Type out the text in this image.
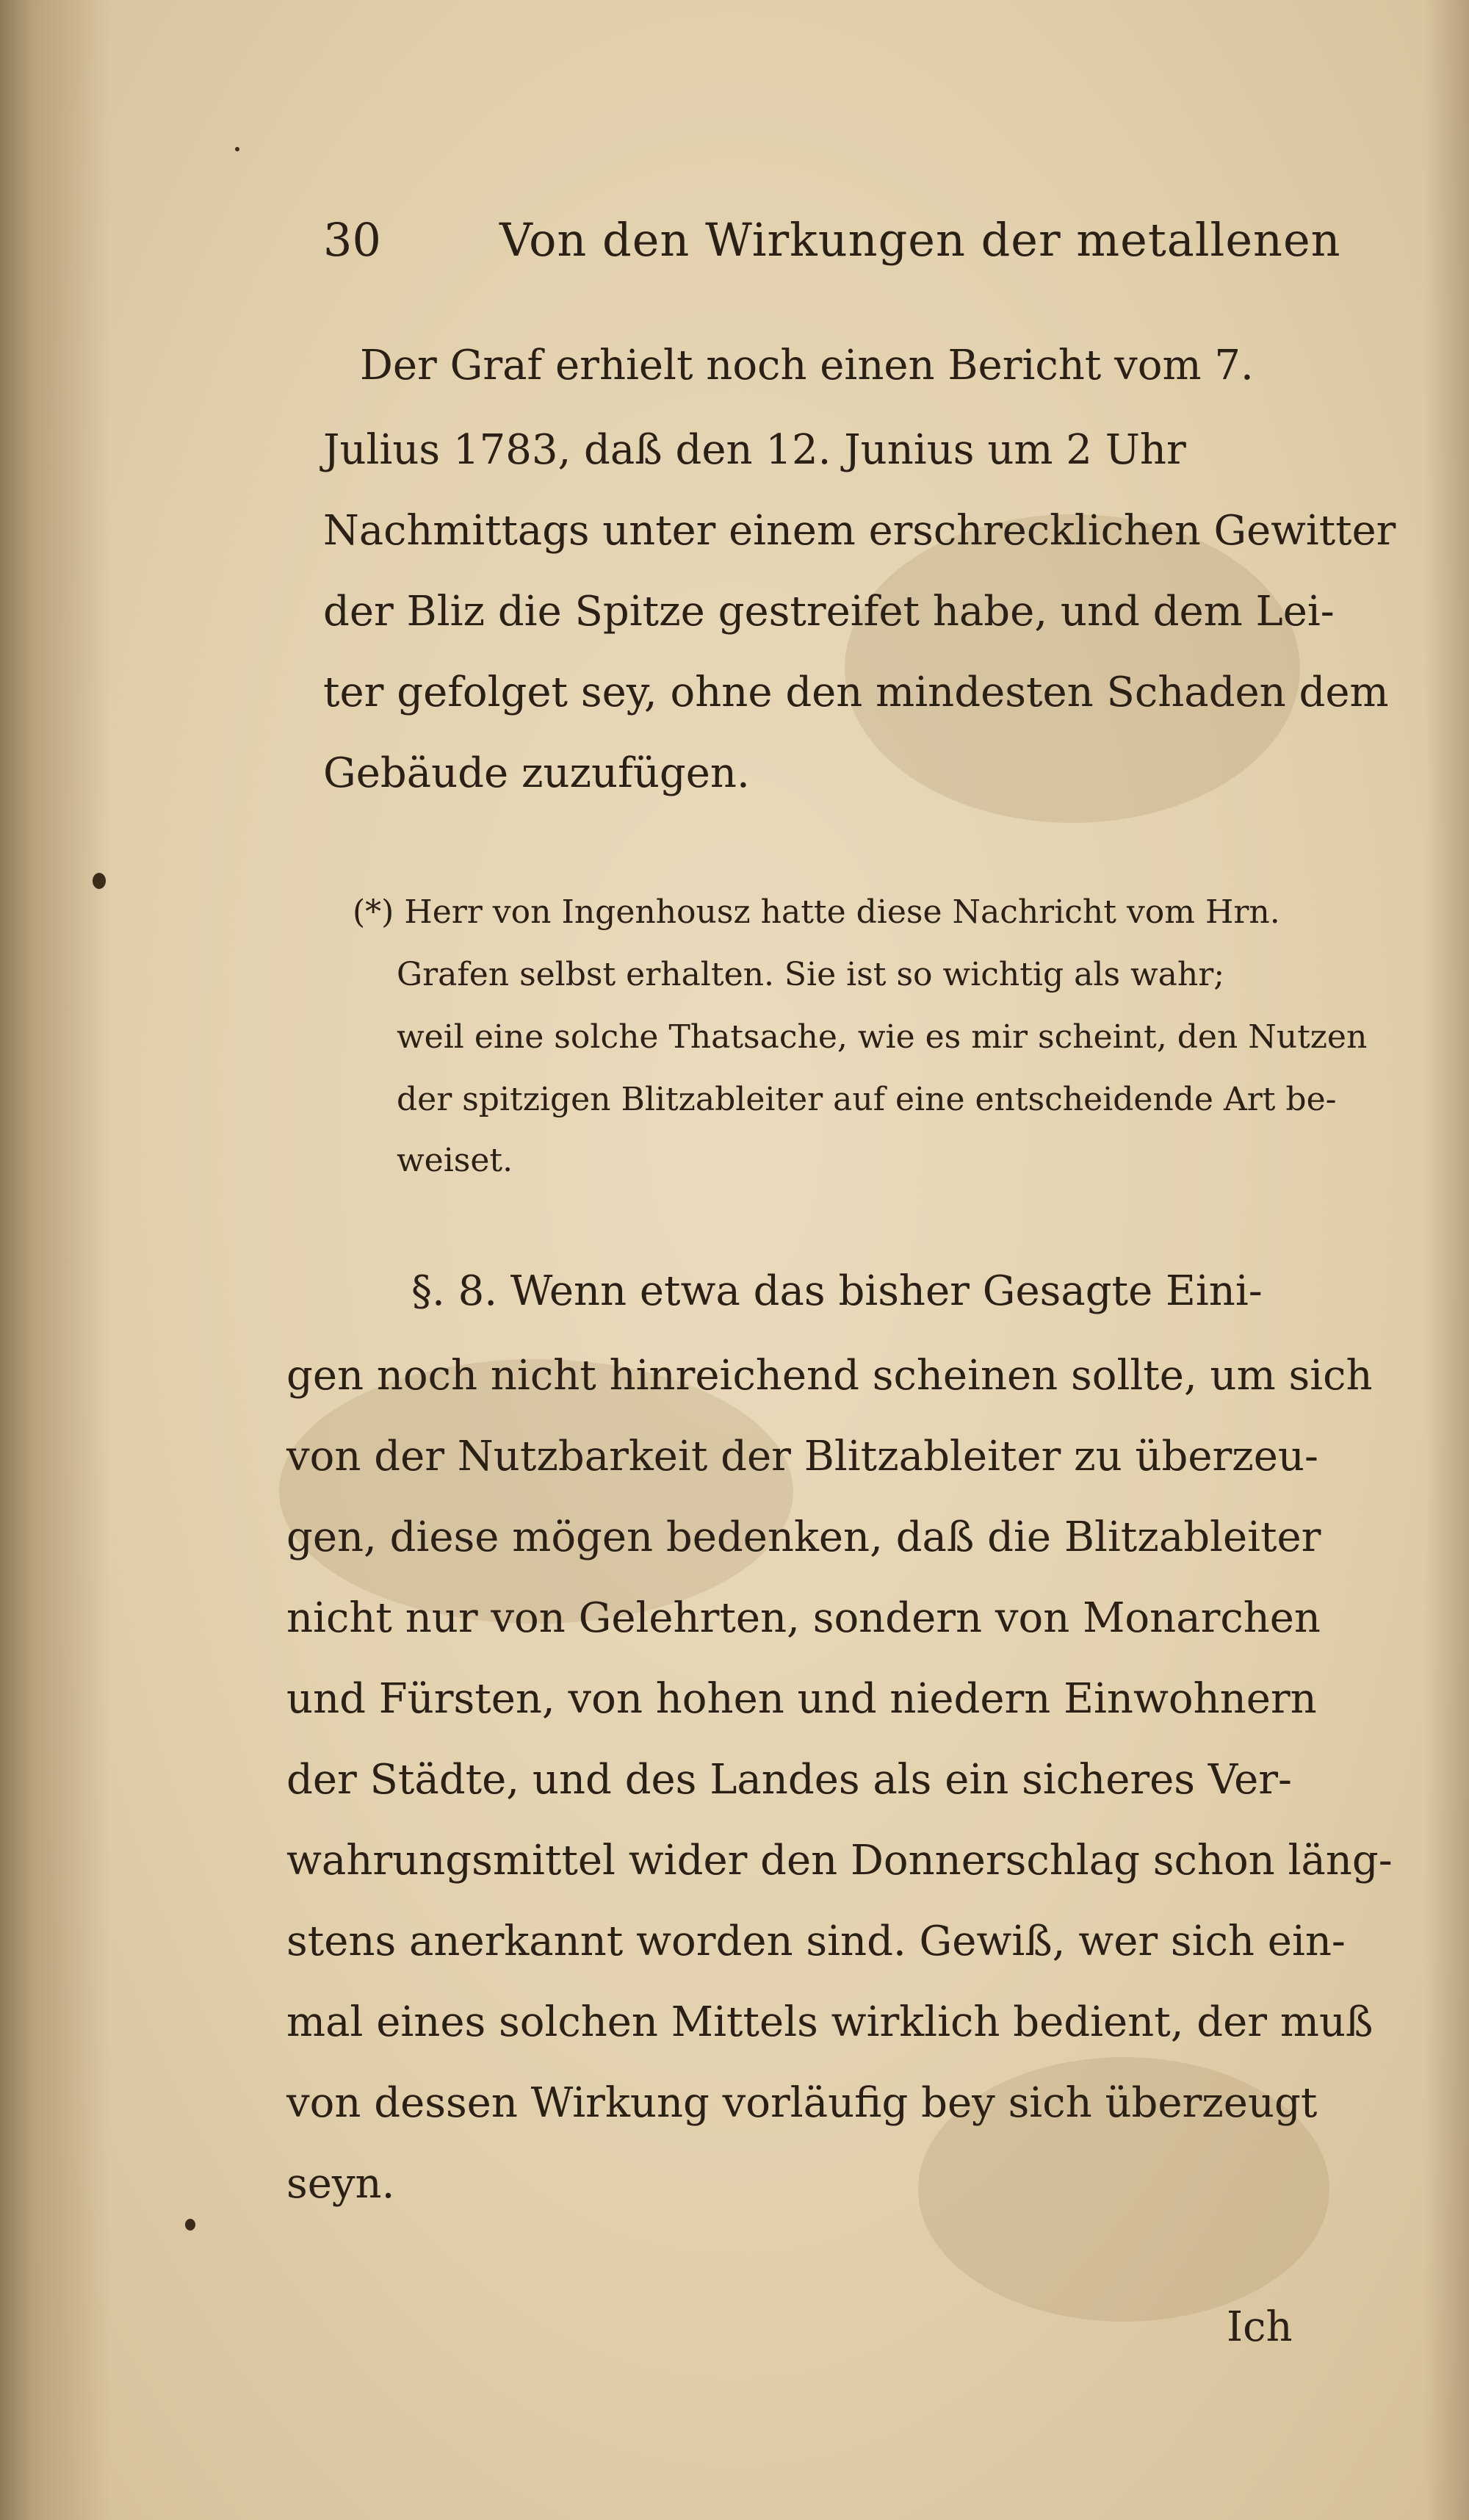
30	Von den Wirkungen der metallenen
Der Graf erhielt noch einen Bericht vom 7.
Julius 1783, daß den 12. Junius um 2 Uhr
Nachmittags unter einem erschrecklichen Gewitter
der Bliz die Spitze gestreifet habe, und dem Lei-
ter gefolget sey, ohne den mindesten Schaden dem
Gebäude zuzufügen.
(*) Herr von Ingenhousz hatte diese Nachricht vom Hrn.
Grafen selbst erhalten. Sie ist so wichtig als wahr;
weil eine solche Thatsache, wie es mir scheint, den Nutzen
der spitzigen Blitzableiter auf eine entscheidende Art be-
weiset.
§. 8. Wenn etwa das bisher Gesagte Eini-
gen noch nicht hinreichend scheinen sollte, um sich
von der Nutzbarkeit der Blitzableiter zu überzeu-
gen, diese mögen bedenken, daß die Blitzableiter
nicht nur von Gelehrten, sondern von Monarchen
und Fürsten, von hohen und niedern Einwohnern
der Städte, und des Landes als ein sicheres Ver-
wahrungsmittel wider den Donnerschlag schon läng-
stens anerkannt worden sind. Gewiß, wer sich ein-
mal eines solchen Mittels wirklich bedient, der muß
von dessen Wirkung vorläufig bey sich überzeugt
seyn.
Ich
